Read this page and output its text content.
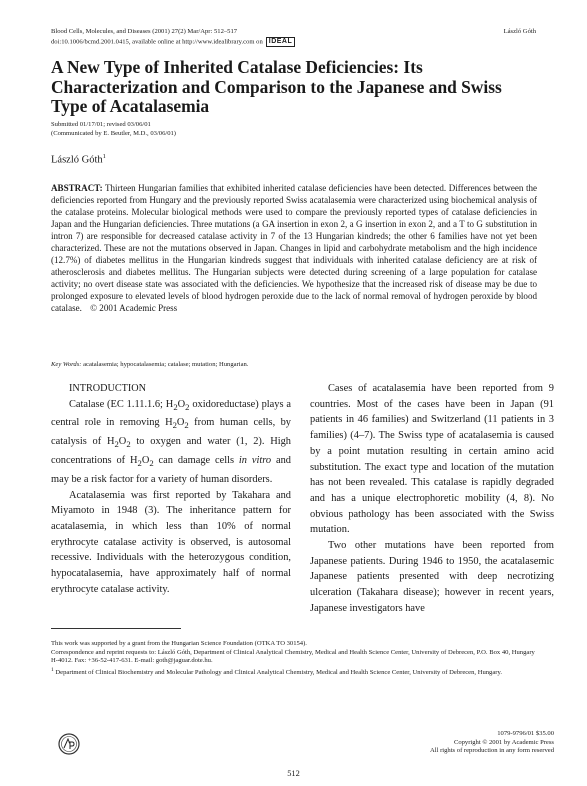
Blood Cells, Molecules, and Diseases (2001) 27(2) Mar/Apr: 512–517
doi:10.1006/bcmd.2001.0415, available online at http://www.idealibrary.com on IDEAL
László Góth
A New Type of Inherited Catalase Deficiencies: Its Characterization and Comparison to the Japanese and Swiss Type of Acatalasemia
Submitted 01/17/01; revised 03/06/01
(Communicated by E. Beutler, M.D., 03/06/01)
László Góth$^1$
ABSTRACT: Thirteen Hungarian families that exhibited inherited catalase deficiencies have been detected. Differences between the deficiencies reported from Hungary and the previously reported Swiss acatalasemia were characterized using biochemical analysis of the catalase proteins. Molecular biological methods were used to compare the previously reported types of catalase deficiencies in Japan and the Hungarian deficiencies. Three mutations (a GA insertion in exon 2, a G insertion in exon 2, and a T to G substitution in intron 7) are responsible for decreased catalase activity in 7 of the 13 Hungarian kindreds; the other 6 families have not yet been characterized. These are not the mutations observed in Japan. Changes in lipid and carbohydrate metabolism and the high incidence (12.7%) of diabetes mellitus in the Hungarian kindreds suggest that individuals with inherited catalase deficiency are at risk of atherosclerosis and diabetes mellitus. The Hungarian subjects were detected during screening of a large population for catalase activity; no overt disease state was associated with the deficiencies. We hypothesize that the increased risk of disease may be due to prolonged exposure to elevated levels of blood hydrogen peroxide due to the lack of normal removal of hydrogen peroxide by blood catalase. © 2001 Academic Press
Key Words: acatalasemia; hypocatalasemia; catalase; mutation; Hungarian.

INTRODUCTION

Catalase (EC 1.11.1.6; $H_2O_2$ oxidoreductase) plays a central role in removing $H_2O_2$ from human cells, by catalysis of $H_2O_2$ to oxygen and water (1, 2). High concentrations of $H_2O_2$ can damage cells in vitro and may be a risk factor for a variety of human disorders.

Acatalasemia was first reported by Takahara and Miyamoto in 1948 (3). The inheritance pattern for acatalasemia, in which less than 10% of normal erythrocyte catalase activity is observed, is autosomal recessive. Individuals with the heterozygous condition, hypocatalasemia, have approximately half of normal erythrocyte catalase activity.

Cases of acatalasemia have been reported from 9 countries. Most of the cases have been in Japan (91 patients in 46 families) and Switzerland (11 patients in 3 families) (4–7). The Swiss type of acatalasemia is caused by a point mutation resulting in certain amino acid substitution. The exact type and location of the mutation has not been revealed. This catalase is rapidly degraded and has a unique electrophoretic mobility (4, 8). No obvious pathology has been associated with the Swiss mutation.

Two other mutations have been reported from Japanese patients. During 1946 to 1950, the acatalasemic Japanese patients presented with deep necrotizing ulceration (Takahara disease); however in recent years, Japanese investigators have

This work was supported by a grant from the Hungarian Science Foundation (OTKA TO 30154).

Correspondence and reprint requests to: László Góth, Department of Clinical Analytical Chemistry, Medical and Health Science Center, University of Debrecen, P.O. Box 40, Hungary H-4012. Fax: +36-52-417-631. E-mail: goth@jaguar.dote.hu.

$^1$ Department of Clinical Biochemistry and Molecular Pathology and Clinical Analytical Chemistry, Medical and Health Science Center, University of Debrecen, Hungary.

1079-9796/01 $35.00
Copyright © 2001 by Academic Press
All rights of reproduction in any form reserved
512
